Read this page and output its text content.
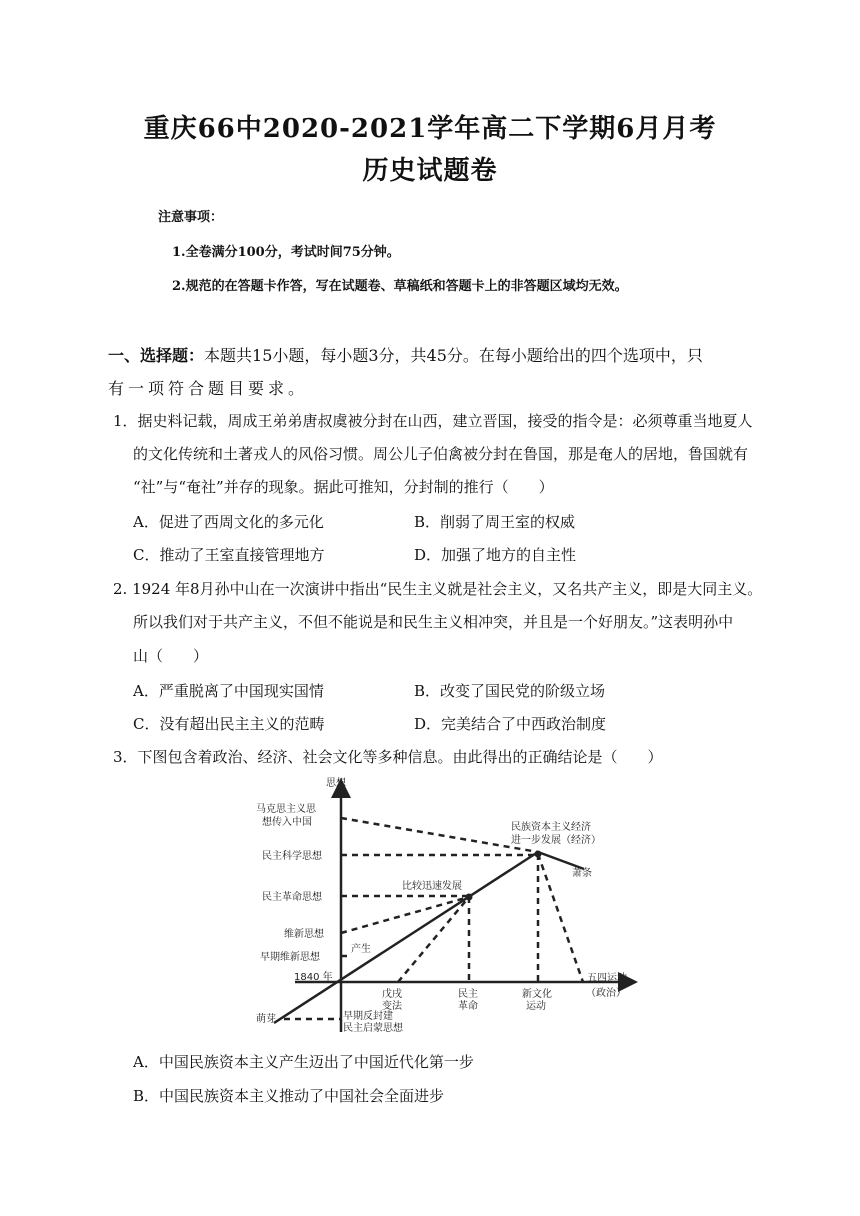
重庆66中2020-2021学年高二下学期6月月考
历史试题卷
注意事项：
1.全卷满分100分，考试时间75分钟。
2.规范的在答题卡作答，写在试题卷、草稿纸和答题卡上的非答题区域均无效。
一、选择题：本题共15小题，每小题3分，共45分。在每小题给出的四个选项中，只
有一项符合题目要求。
1．据史料记载，周成王弟弟唐叔虞被分封在山西，建立晋国，接受的指令是：必须尊重当地夏人
的文化传统和土著戎人的风俗习惯。周公儿子伯禽被分封在鲁国，那是奄人的居地，鲁国就有
“社”与“奄社”并存的现象。据此可推知，分封制的推行（　　）
A．促进了西周文化的多元化	B．削弱了周王室的权威
C．推动了王室直接管理地方	D．加强了地方的自主性
2. 1924 年8月孙中山在一次演讲中指出“民生主义就是社会主义，又名共产主义，即是大同主义。
所以我们对于共产主义，不但不能说是和民生主义相冲突，并且是一个好朋友。”这表明孙中
山（　　）
A．严重脱离了中国现实国情	B．改变了国民党的阶级立场
C．没有超出民主主义的范畴	D．完美结合了中西政治制度
3．下图包含着政治、经济、社会文化等多种信息。由此得出的正确结论是（　　）
思想
马克思主义思
想传入中国
民主科学思想
民主革命思想
维新思想
早期维新思想
1840 年
戊戌
变法
民主
革命
新文化
运动
五四运动
（政治）
民族资本主义经济
进一步发展（经济）
萧条
比较迅速发展
产生
萌芽	早期反封建
民主启蒙思想
A．中国民族资本主义产生迈出了中国近代化第一步
B．中国民族资本主义推动了中国社会全面进步
